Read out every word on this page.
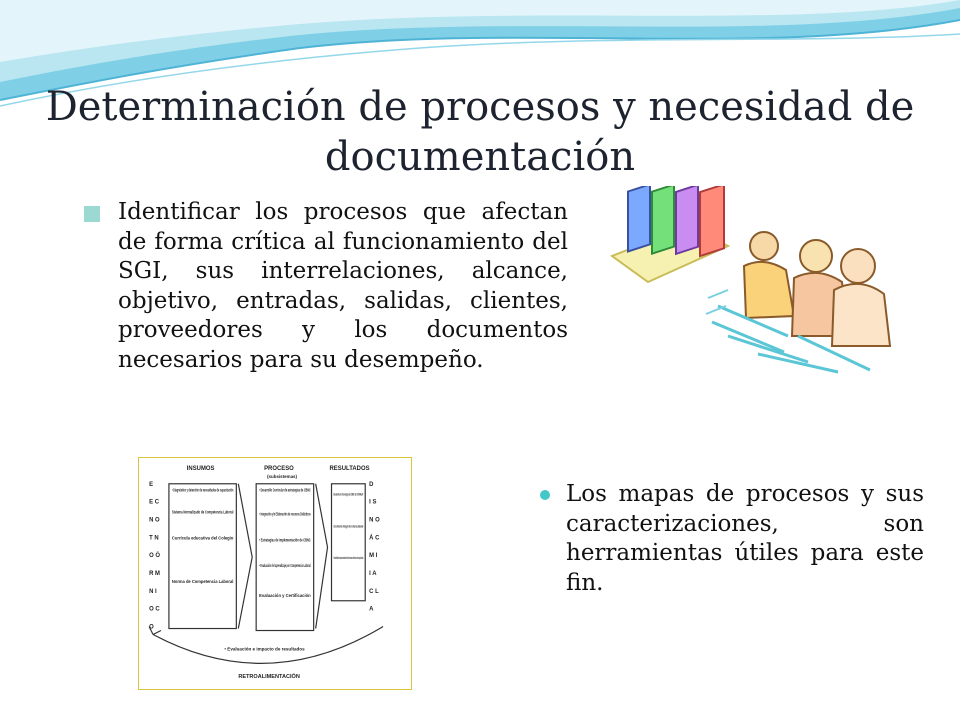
Determinación de procesos y necesidad de documentación

Identificar los procesos que afectan de forma crítica al funcionamiento del SGI, sus interrelaciones, alcance, objetivo, entradas, salidas, clientes, proveedores y los documentos necesarios para su desempeño.

INSUMOS	PROCESO	RESULTADOS
(subsistemas)
E
E C
N O
T N
O Ó
R M
N I
O C
O
D
I S
N O
Á C
M I
I A
C L
A
• Diagnóstico y detección de necesidades de capacitación
Sistema Normalizado de Competencia Laboral
Currícula educativa del Colegio
Norma de Competencia Laboral
• Desarrollo Curricular de estrategias de CBNC
• Integración y/o Elaboración de recursos Didácticos
• Estrategias de Implementación de CBNC
• Evaluación del aprendizaje por Competencia Laboral
Evaluación y Certificación
Desarrollo de Tecnología de CBNC del CONALEP
Crecimiento integral de la fuerza laboral
Transferibilidad de competencias laboral del factor humano a diferentes funciones productivas
• Evaluación e impacto de resultados
RETROALIMENTACIÓN

Los mapas de procesos y sus caracterizaciones, son herramientas útiles para este fin.
